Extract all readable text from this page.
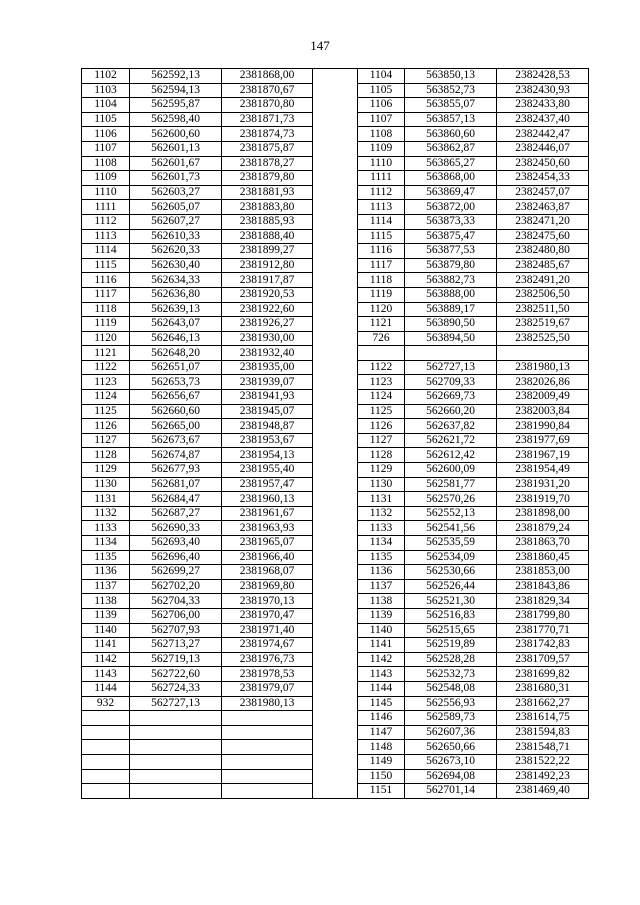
147
1102	562592,13	2381868,00		1104	563850,13	2382428,53
1103	562594,13	2381870,67		1105	563852,73	2382430,93
1104	562595,87	2381870,80		1106	563855,07	2382433,80
1105	562598,40	2381871,73		1107	563857,13	2382437,40
1106	562600,60	2381874,73		1108	563860,60	2382442,47
1107	562601,13	2381875,87		1109	563862,87	2382446,07
1108	562601,67	2381878,27		1110	563865,27	2382450,60
1109	562601,73	2381879,80		1111	563868,00	2382454,33
1110	562603,27	2381881,93		1112	563869,47	2382457,07
1111	562605,07	2381883,80		1113	563872,00	2382463,87
1112	562607,27	2381885,93		1114	563873,33	2382471,20
1113	562610,33	2381888,40		1115	563875,47	2382475,60
1114	562620,33	2381899,27		1116	563877,53	2382480,80
1115	562630,40	2381912,80		1117	563879,80	2382485,67
1116	562634,33	2381917,87		1118	563882,73	2382491,20
1117	562636,80	2381920,53		1119	563888,00	2382506,50
1118	562639,13	2381922,60		1120	563889,17	2382511,50
1119	562643,07	2381926,27		1121	563890,50	2382519,67
1120	562646,13	2381930,00		726	563894,50	2382525,50
1121	562648,20	2381932,40				
1122	562651,07	2381935,00		1122	562727,13	2381980,13
1123	562653,73	2381939,07		1123	562709,33	2382026,86
1124	562656,67	2381941,93		1124	562669,73	2382009,49
1125	562660,60	2381945,07		1125	562660,20	2382003,84
1126	562665,00	2381948,87		1126	562637,82	2381990,84
1127	562673,67	2381953,67		1127	562621,72	2381977,69
1128	562674,87	2381954,13		1128	562612,42	2381967,19
1129	562677,93	2381955,40		1129	562600,09	2381954,49
1130	562681,07	2381957,47		1130	562581,77	2381931,20
1131	562684,47	2381960,13		1131	562570,26	2381919,70
1132	562687,27	2381961,67		1132	562552,13	2381898,00
1133	562690,33	2381963,93		1133	562541,56	2381879,24
1134	562693,40	2381965,07		1134	562535,59	2381863,70
1135	562696,40	2381966,40		1135	562534,09	2381860,45
1136	562699,27	2381968,07		1136	562530,66	2381853,00
1137	562702,20	2381969,80		1137	562526,44	2381843,86
1138	562704,33	2381970,13		1138	562521,30	2381829,34
1139	562706,00	2381970,47		1139	562516,83	2381799,80
1140	562707,93	2381971,40		1140	562515,65	2381770,71
1141	562713,27	2381974,67		1141	562519,89	2381742,83
1142	562719,13	2381976,73		1142	562528,28	2381709,57
1143	562722,60	2381978,53		1143	562532,73	2381699,82
1144	562724,33	2381979,07		1144	562548,08	2381680,31
932	562727,13	2381980,13		1145	562556,93	2381662,27
				1146	562589,73	2381614,75
				1147	562607,36	2381594,83
				1148	562650,66	2381548,71
				1149	562673,10	2381522,22
				1150	562694,08	2381492,23
				1151	562701,14	2381469,40
